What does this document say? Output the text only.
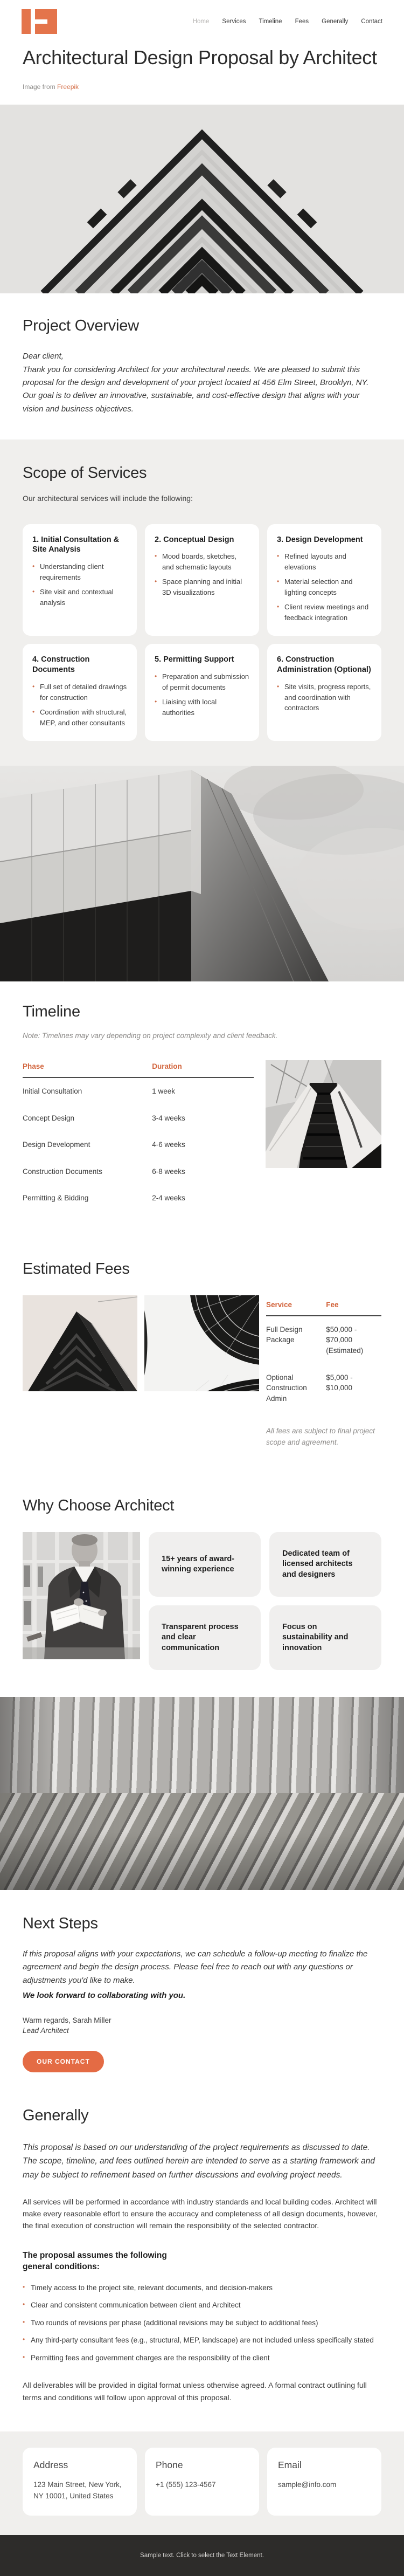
Home Services Timeline Fees Generally Contact
Architectural Design Proposal by Architect

Image from Freepik

Project Overview

Dear client,

Thank you for considering Architect for your architectural needs. We are pleased to submit this proposal for the design and development of your project located at 456 Elm Street, Brooklyn, NY. Our goal is to deliver an innovative, sustainable, and cost-effective design that aligns with your vision and business objectives.

Scope of Services

Our architectural services will include the following:

1. Initial Consultation & Site Analysis
• Understanding client requirements
• Site visit and contextual analysis
2. Conceptual Design
• Mood boards, sketches, and schematic layouts
• Space planning and initial 3D visualizations
3. Design Development
• Refined layouts and elevations
• Material selection and lighting concepts
• Client review meetings and feedback integration
4. Construction Documents
• Full set of detailed drawings for construction
• Coordination with structural, MEP, and other consultants
5. Permitting Support
• Preparation and submission of permit documents
• Liaising with local authorities
6. Construction Administration (Optional)
• Site visits, progress reports, and coordination with contractors
Timeline

Note: Timelines may vary depending on project complexity and client feedback.

Phase	Duration
Initial Consultation	1 week
Concept Design	3-4 weeks
Design Development	4-6 weeks
Construction Documents	6-8 weeks
Permitting & Bidding	2-4 weeks
Estimated Fees
Service	Fee
Full Design Package	$50,000 - $70,000 (Estimated)
Optional Construction Admin	$5,000 - $10,000

All fees are subject to final project scope and agreement.

Why Choose Architect
15+ years of award-winning experience
Dedicated team of licensed architects and designers
Transparent process and clear communication
Focus on sustainability and innovation
Next Steps

If this proposal aligns with your expectations, we can schedule a follow-up meeting to finalize the agreement and begin the design process. Please feel free to reach out with any questions or adjustments you'd like to make.

We look forward to collaborating with you.

Warm regards, Sarah Miller

Lead Architect

OUR CONTACT
Generally

This proposal is based on our understanding of the project requirements as discussed to date. The scope, timeline, and fees outlined herein are intended to serve as a starting framework and may be subject to refinement based on further discussions and evolving project needs.

All services will be performed in accordance with industry standards and local building codes. Architect will make every reasonable effort to ensure the accuracy and completeness of all design documents, however, the final execution of construction will remain the responsibility of the selected contractor.

The proposal assumes the following general conditions:
• Timely access to the project site, relevant documents, and decision-makers
• Clear and consistent communication between client and Architect
• Two rounds of revisions per phase (additional revisions may be subject to additional fees)
• Any third-party consultant fees (e.g., structural, MEP, landscape) are not included unless specifically stated
• Permitting fees and government charges are the responsibility of the client

All deliverables will be provided in digital format unless otherwise agreed. A formal contract outlining full terms and conditions will follow upon approval of this proposal.

Address

123 Main Street, New York, NY 10001, United States

Phone

+1 (555) 123-4567

Email

sample@info.com

Sample text. Click to select the Text Element.
